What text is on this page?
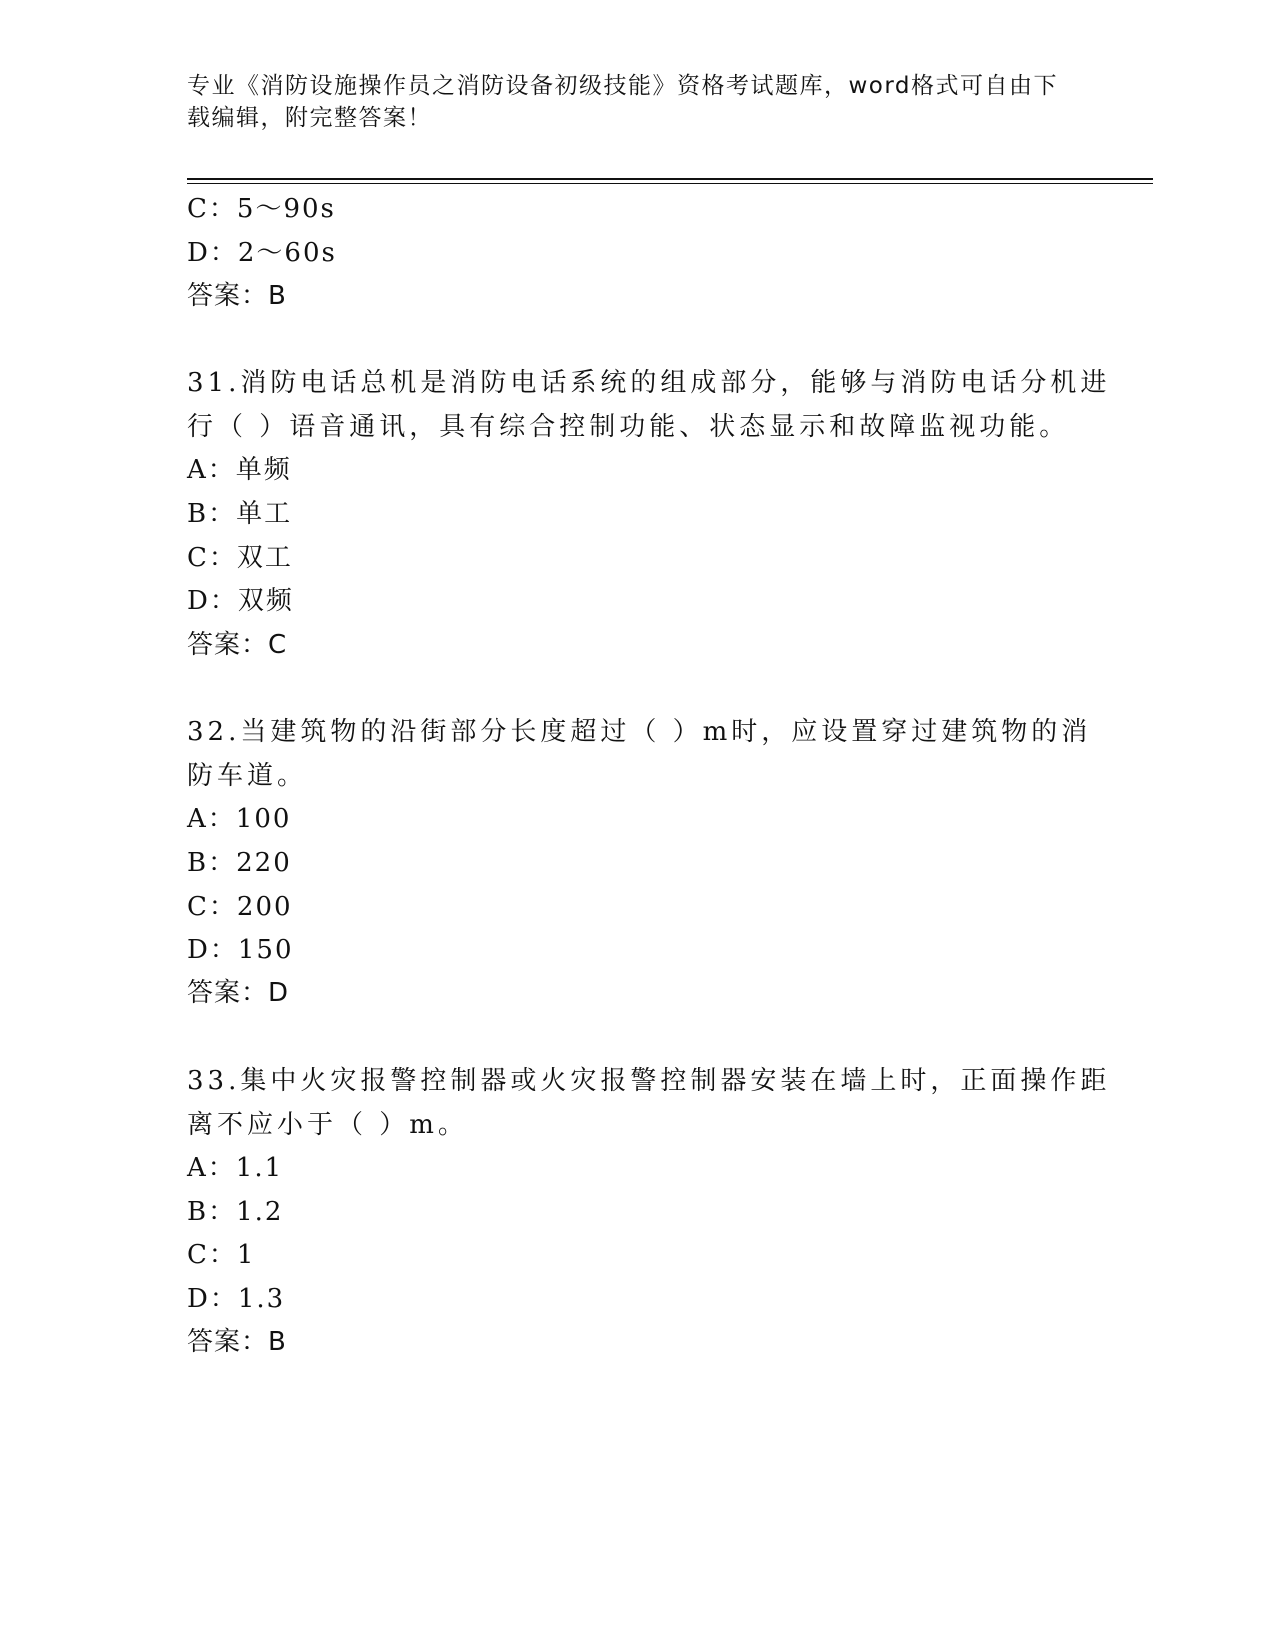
专业《消防设施操作员之消防设备初级技能》资格考试题库，word格式可自由下
载编辑，附完整答案！
C：5～90s
D：2～60s
答案：B
31.消防电话总机是消防电话系统的组成部分，能够与消防电话分机进
行（ ）语音通讯，具有综合控制功能、状态显示和故障监视功能。
A：单频
B：单工
C：双工
D：双频
答案：C
32.当建筑物的沿街部分长度超过（ ）m时，应设置穿过建筑物的消
防车道。
A：100
B：220
C：200
D：150
答案：D
33.集中火灾报警控制器或火灾报警控制器安装在墙上时，正面操作距
离不应小于（ ）m。
A：1.1
B：1.2
C：1
D：1.3
答案：B
